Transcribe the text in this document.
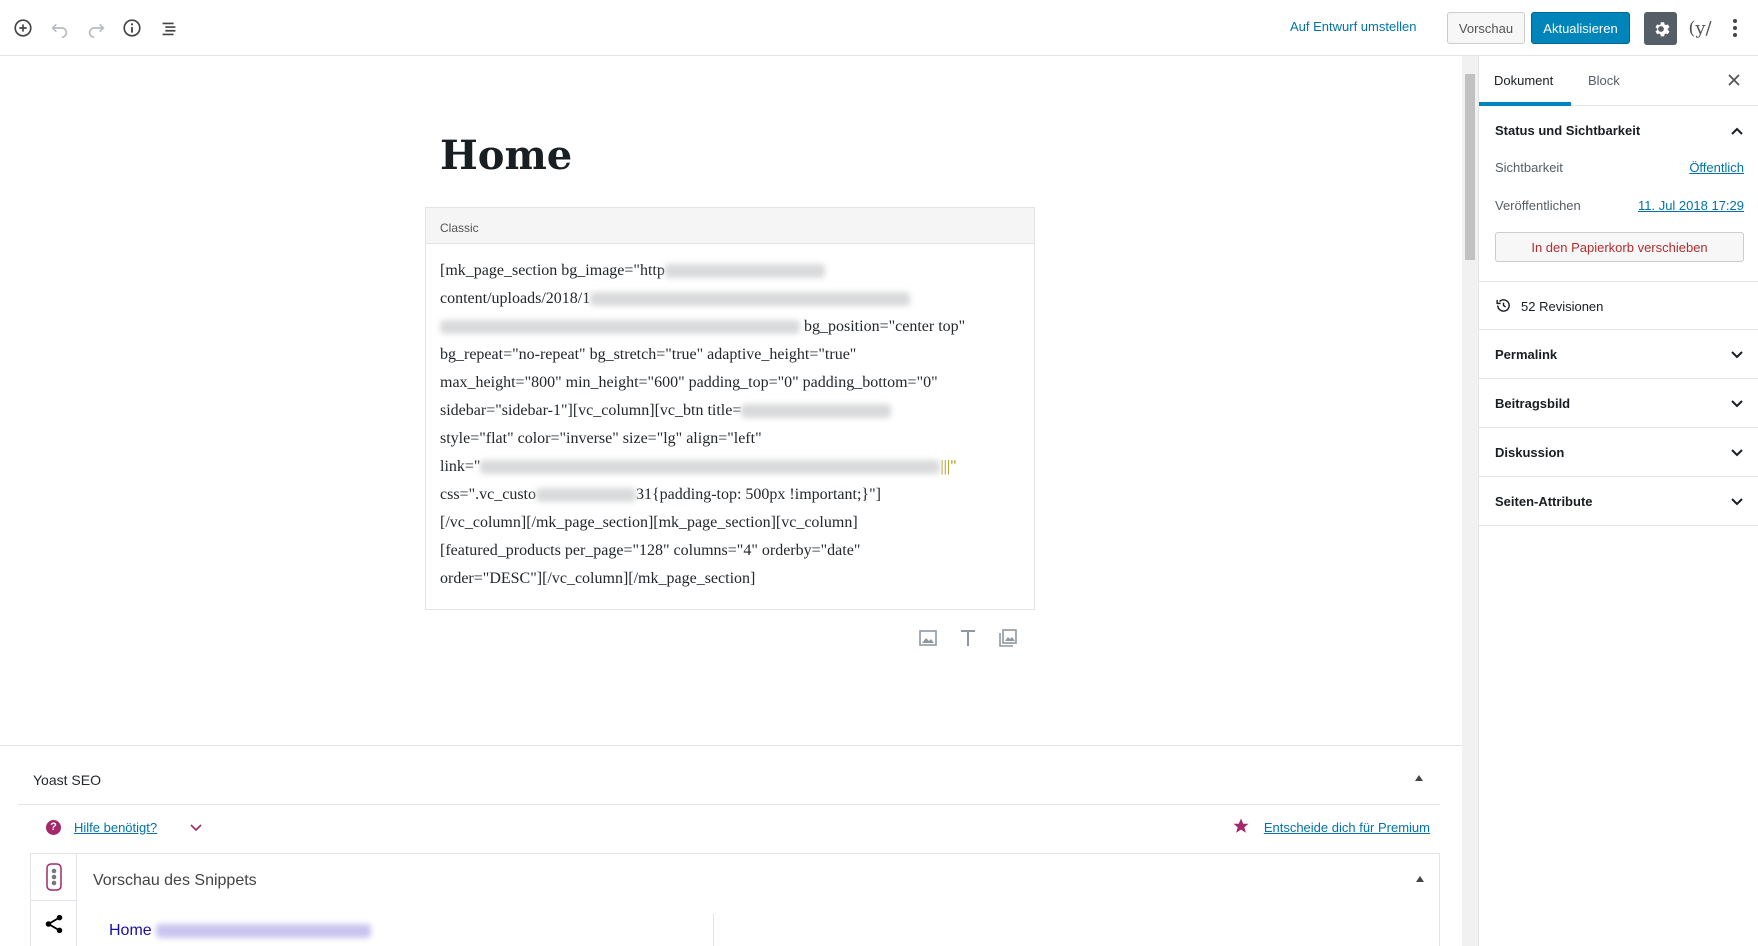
Auf Entwurf umstellen	Vorschau	Aktualisieren	(y/
Home
Classic
[mk_page_section bg_image="http
content/uploads/2018/1
bg_position="center top"
bg_repeat="no-repeat" bg_stretch="true" adaptive_height="true"
max_height="800" min_height="600" padding_top="0" padding_bottom="0"
sidebar="sidebar-1"][vc_column][vc_btn title=
style="flat" color="inverse" size="lg" align="left"
link="	|||"
css=".vc_custo	31{padding-top: 500px !important;}"]
[/vc_column][/mk_page_section][mk_page_section][vc_column]
[featured_products per_page="128" columns="4" orderby="date"
order="DESC"][/vc_column][/mk_page_section]
Dokument	Block
Status und Sichtbarkeit
Sichtbarkeit	Öffentlich
Veröffentlichen	11. Jul 2018 17:29
In den Papierkorb verschieben
52 Revisionen
Permalink
Beitragsbild
Diskussion
Seiten-Attribute
Yoast SEO
?	Hilfe benötigt?	Entscheide dich für Premium
Vorschau des Snippets
Home
